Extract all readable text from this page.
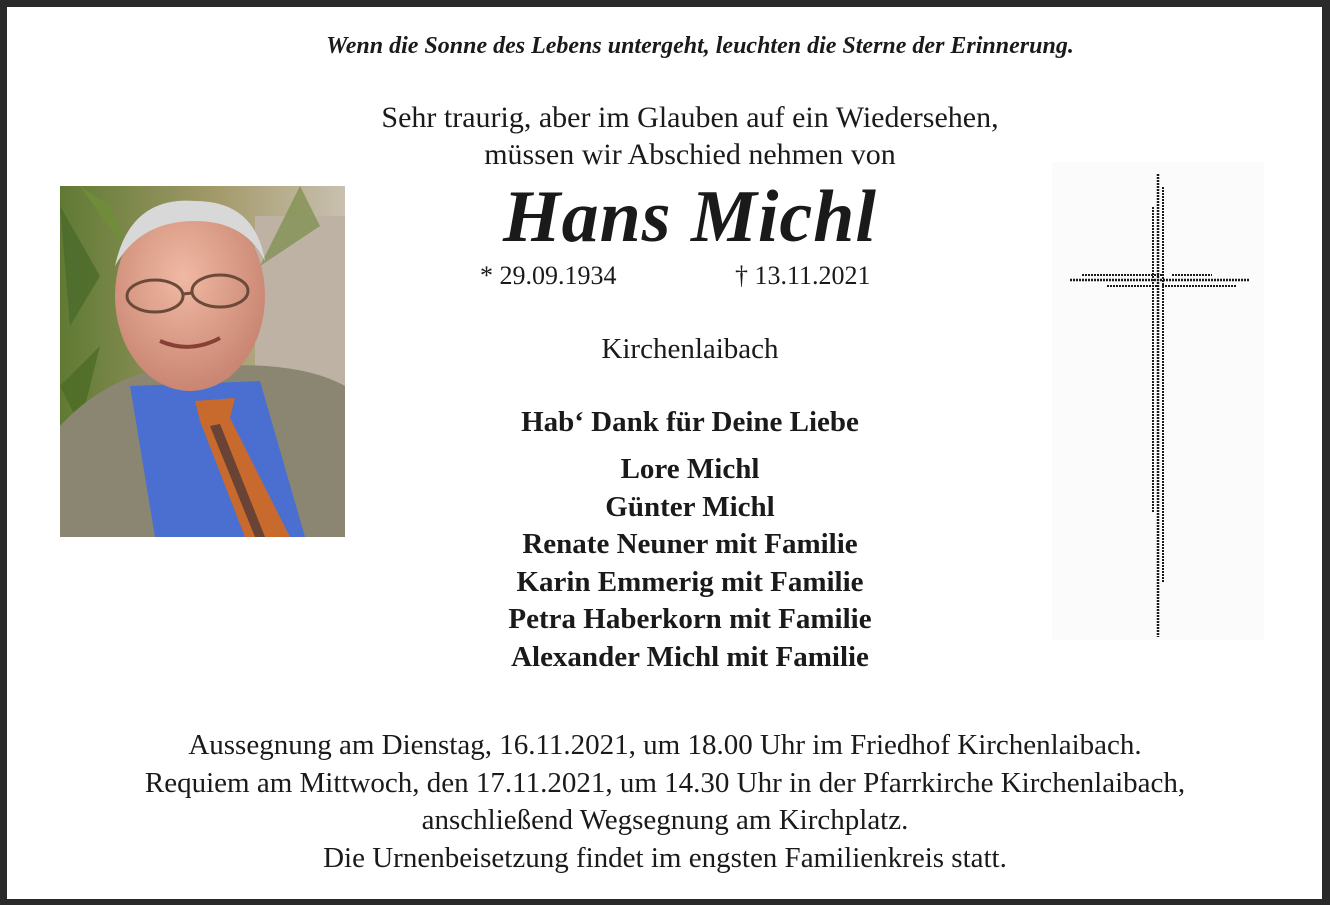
Wenn die Sonne des Lebens untergeht, leuchten die Sterne der Erinnerung.
Sehr traurig, aber im Glauben auf ein Wiedersehen,
müssen wir Abschied nehmen von
Hans Michl
* 29.09.1934	† 13.11.2021
Kirchenlaibach
Hab‘ Dank für Deine Liebe
Lore Michl
Günter Michl
Renate Neuner mit Familie
Karin Emmerig mit Familie
Petra Haberkorn mit Familie
Alexander Michl mit Familie
Aussegnung am Dienstag, 16.11.2021, um 18.00 Uhr im Friedhof Kirchenlaibach.
Requiem am Mittwoch, den 17.11.2021, um 14.30 Uhr in der Pfarrkirche Kirchenlaibach,
anschließend Wegsegnung am Kirchplatz.
Die Urnenbeisetzung findet im engsten Familienkreis statt.
